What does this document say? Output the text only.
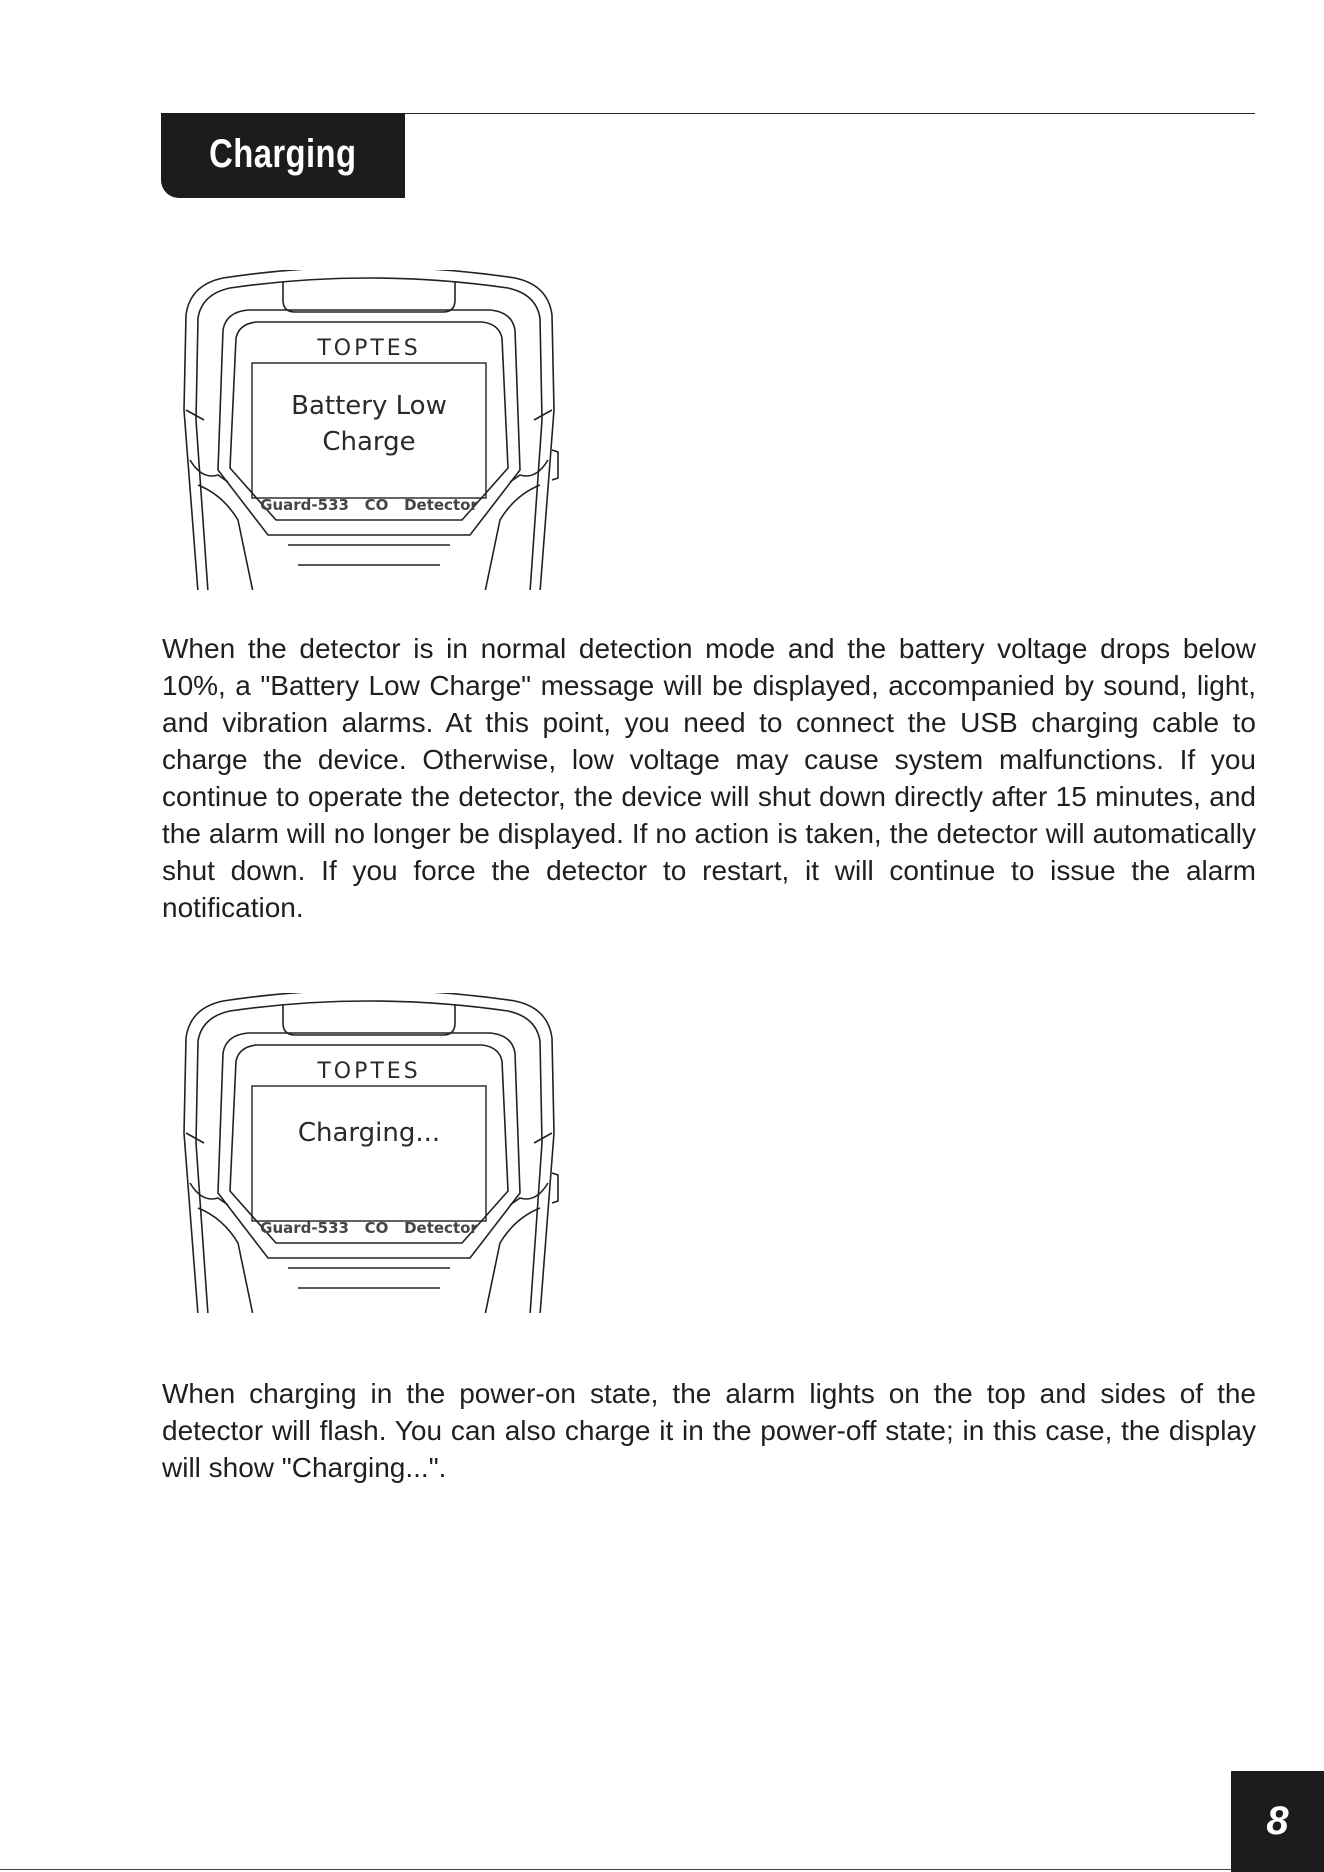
Charging
TOPTES
Battery Low
Charge
Guard-533 CO Detector
When the detector is in normal detection mode and the battery voltage drops below 10%, a "Battery Low Charge" message will be displayed, accompanied by sound, light, and vibration alarms. At this point, you need to connect the USB charging cable to charge the device. Otherwise, low voltage may cause system malfunctions. If you continue to operate the detector, the device will shut down directly after 15 minutes, and the alarm will no longer be displayed. If no action is taken, the detector will automatically shut down. If you force the detector to restart, it will continue to issue the alarm notification.
TOPTES
Charging...
Guard-533 CO Detector
When charging in the power-on state, the alarm lights on the top and sides of the detector will flash. You can also charge it in the power-off state; in this case, the display will show "Charging...".
8
